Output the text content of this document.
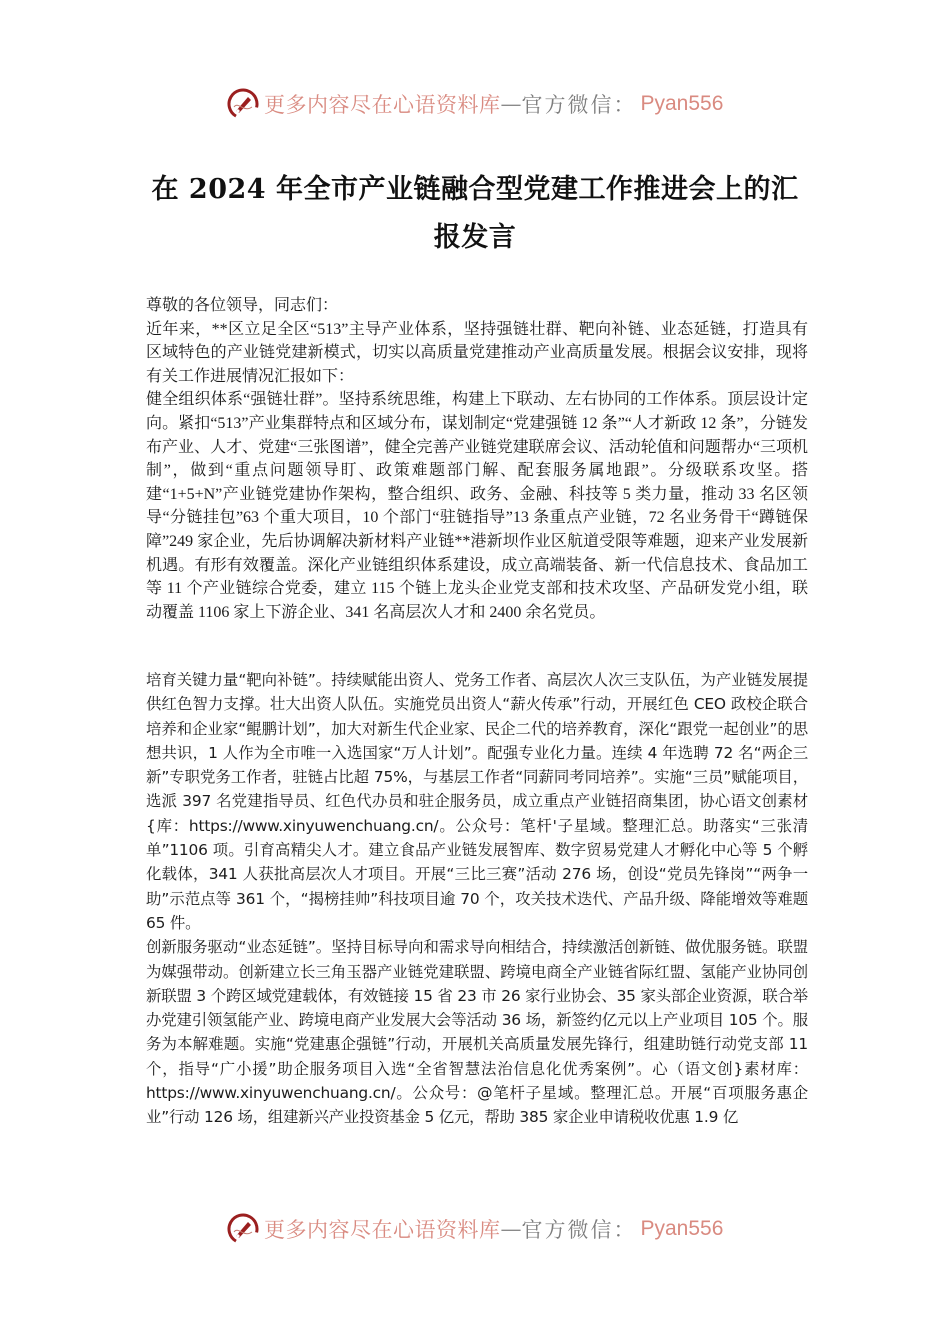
更多内容尽在心语资料库 — 官方微信： Pyan556
在 2024 年全市产业链融合型党建工作推进会上的汇报发言

尊敬的各位领导，同志们：

近年来，**区立足全区“513”主导产业体系，坚持强链壮群、靶向补链、业态延链，打造具有区域特色的产业链党建新模式，切实以高质量党建推动产业高质量发展。根据会议安排，现将有关工作进展情况汇报如下：

健全组织体系“强链壮群”。坚持系统思维，构建上下联动、左右协同的工作体系。顶层设计定向。紧扣“513”产业集群特点和区域分布，谋划制定“党建强链 12 条”“人才新政 12 条”，分链发布产业、人才、党建“三张图谱”，健全完善产业链党建联席会议、活动轮值和问题帮办“三项机制”，做到“重点问题领导盯、政策难题部门解、配套服务属地跟”。分级联系攻坚。搭建“1+5+N”产业链党建协作架构，整合组织、政务、金融、科技等 5 类力量，推动 33 名区领导“分链挂包”63 个重大项目，10 个部门“驻链指导”13 条重点产业链，72 名业务骨干“蹲链保障”249 家企业，先后协调解决新材料产业链**港新坝作业区航道受限等难题，迎来产业发展新机遇。有形有效覆盖。深化产业链组织体系建设，成立高端装备、新一代信息技术、食品加工等 11 个产业链综合党委，建立 115 个链上龙头企业党支部和技术攻坚、产品研发党小组，联动覆盖 1106 家上下游企业、341 名高层次人才和 2400 余名党员。

培育关键力量“靶向补链”。持续赋能出资人、党务工作者、高层次人次三支队伍，为产业链发展提供红色智力支撑。壮大出资人队伍。实施党员出资人“薪火传承”行动，开展红色 CEO 政校企联合培养和企业家“鲲鹏计划”，加大对新生代企业家、民企二代的培养教育，深化“跟党一起创业”的思想共识，1 人作为全市唯一入选国家“万人计划”。配强专业化力量。连续 4 年选聘 72 名“两企三新”专职党务工作者，驻链占比超 75%，与基层工作者“同薪同考同培养”。实施“三员”赋能项目，选派 397 名党建指导员、红色代办员和驻企服务员，成立重点产业链招商集团，协心语文创素材{库：https://www.xinyuwenchuang.cn/。公众号：笔杆'子星域。整理汇总。助落实“三张清单”1106 项。引育高精尖人才。建立食品产业链发展智库、数字贸易党建人才孵化中心等 5 个孵化载体，341 人获批高层次人才项目。开展“三比三赛”活动 276 场，创设“党员先锋岗”“两争一助”示范点等 361 个，“揭榜挂帅”科技项目逾 70 个，攻关技术迭代、产品升级、降能增效等难题 65 件。

创新服务驱动“业态延链”。坚持目标导向和需求导向相结合，持续激活创新链、做优服务链。联盟为媒强带动。创新建立长三角玉器产业链党建联盟、跨境电商全产业链省际红盟、氢能产业协同创新联盟 3 个跨区域党建载体，有效链接 15 省 23 市 26 家行业协会、35 家头部企业资源，联合举办党建引领氢能产业、跨境电商产业发展大会等活动 36 场，新签约亿元以上产业项目 105 个。服务为本解难题。实施“党建惠企强链”行动，开展机关高质量发展先锋行，组建助链行动党支部 11 个，指导“广小援”助企服务项目入选“全省智慧法治信息化优秀案例”。心（语文创}素材库：https://www.xinyuwenchuang.cn/。公众号：@笔杆子星域。整理汇总。开展“百项服务惠企业”行动 126 场，组建新兴产业投资基金 5 亿元，帮助 385 家企业申请税收优惠 1.9 亿

更多内容尽在心语资料库 — 官方微信： Pyan556
